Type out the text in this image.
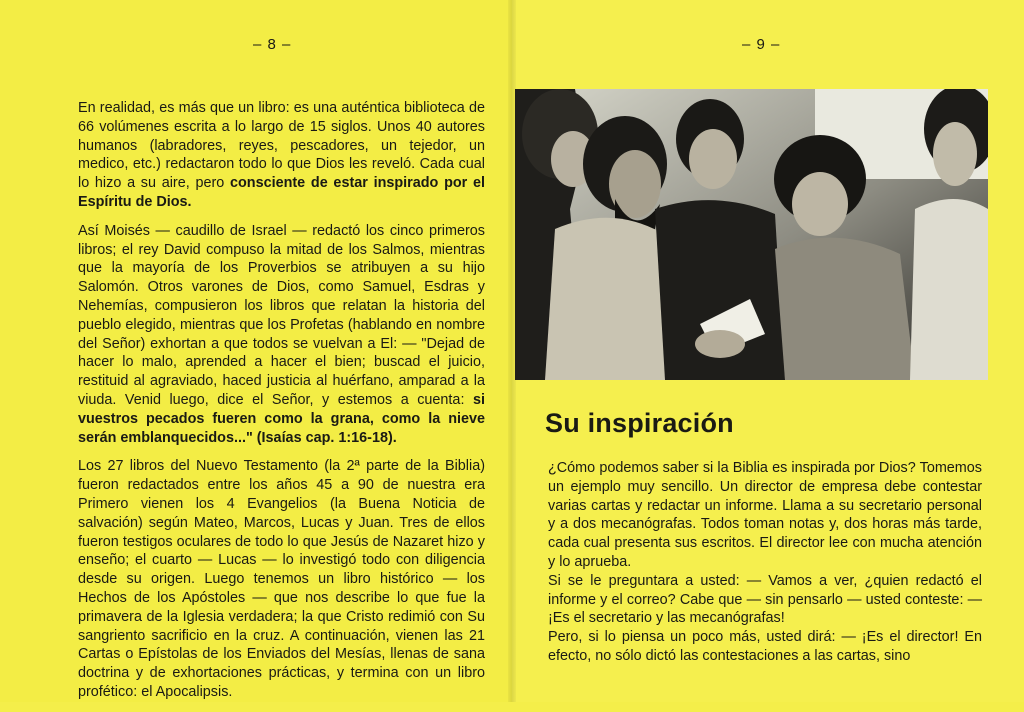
– 8 –

En realidad, es más que un libro: es una auténtica biblioteca de 66 volúmenes escrita a lo largo de 15 siglos. Unos 40 autores humanos (labradores, reyes, pescadores, un tejedor, un medico, etc.) redactaron todo lo que Dios les reveló. Cada cual lo hizo a su aire, pero consciente de estar inspirado por el Espíritu de Dios.

Así Moisés — caudillo de Israel — redactó los cinco primeros libros; el rey David compuso la mitad de los Salmos, mientras que la mayoría de los Proverbios se atribuyen a su hijo Salomón. Otros varones de Dios, como Samuel, Esdras y Nehemías, compusieron los libros que relatan la historia del pueblo elegido, mientras que los Profetas (hablando en nombre del Señor) exhortan a que todos se vuelvan a El: — "Dejad de hacer lo malo, aprended a hacer el bien; buscad el juicio, restituid al agraviado, haced justicia al huérfano, amparad a la viuda. Venid luego, dice el Señor, y estemos a cuenta: si vuestros pecados fueren como la grana, como la nieve serán emblanquecidos..." (Isaías cap. 1:16-18).

Los 27 libros del Nuevo Testamento (la 2ª parte de la Biblia) fueron redactados entre los años 45 a 90 de nuestra era Primero vienen los 4 Evangelios (la Buena Noticia de salvación) según Mateo, Marcos, Lucas y Juan. Tres de ellos fueron testigos oculares de todo lo que Jesús de Nazaret hizo y enseño; el cuarto — Lucas — lo investigó todo con diligencia desde su origen. Luego tenemos un libro histórico — los Hechos de los Apóstoles — que nos describe lo que fue la primavera de la Iglesia verdadera; la que Cristo redimió con Su sangriento sacrificio en la cruz. A continuación, vienen las 21 Cartas o Epístolas de los Enviados del Mesías, llenas de sana doctrina y de exhortaciones prácticas, y termina con un libro profético: el Apocalipsis.

– 9 –
Su inspiración
¿Cómo podemos saber si la Biblia es inspirada por Dios? Tomemos un ejemplo muy sencillo. Un director de empresa debe contestar varias cartas y redactar un informe. Llama a su secretario personal y a dos mecanógrafas. Todos toman notas y, dos horas más tarde, cada cual presenta sus escritos. El director lee con mucha atención y lo aprueba.
Si se le preguntara a usted: — Vamos a ver, ¿quien redactó el informe y el correo? Cabe que — sin pensarlo — usted conteste: — ¡Es el secretario y las mecanógrafas!
Pero, si lo piensa un poco más, usted dirá: — ¡Es el director! En efecto, no sólo dictó las contestaciones a las cartas, sino
